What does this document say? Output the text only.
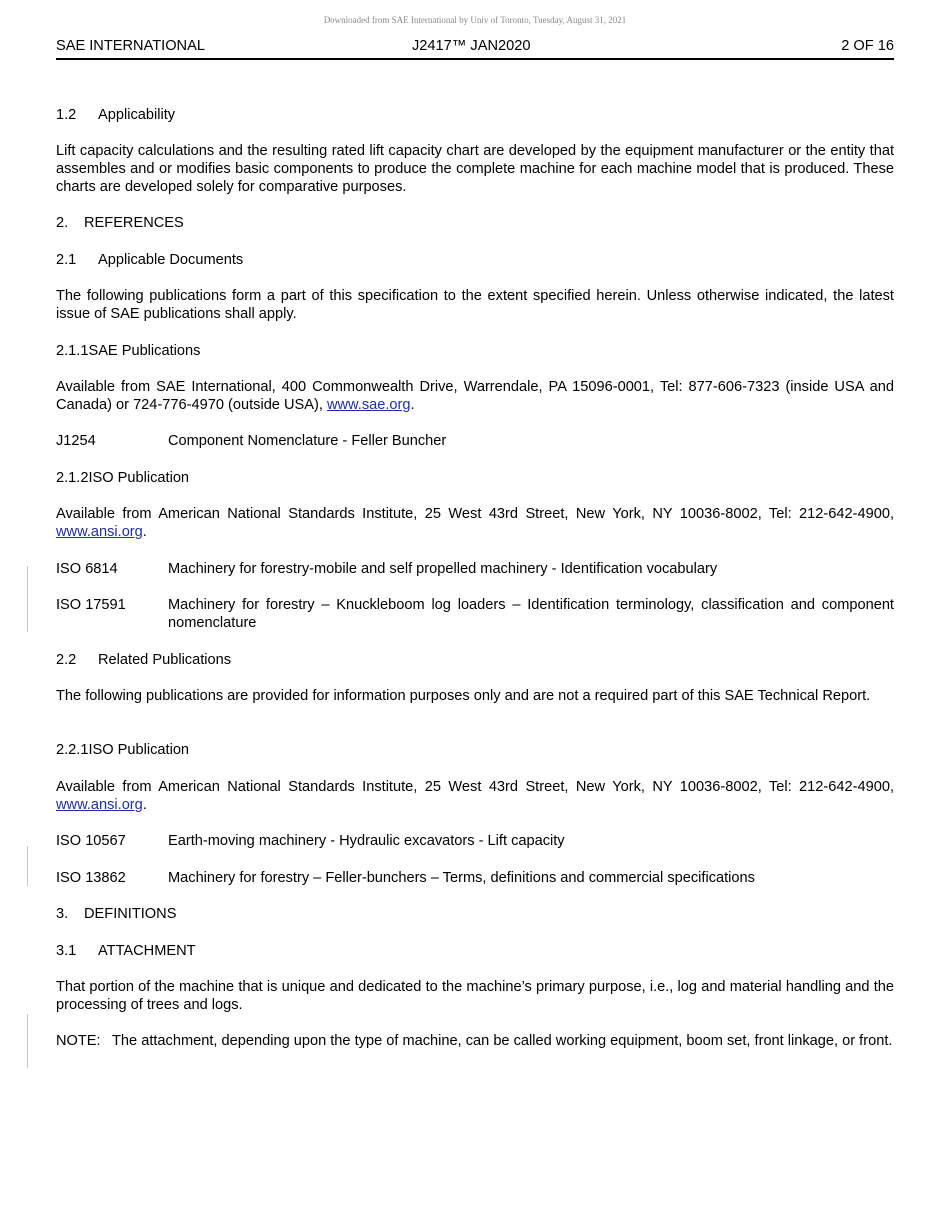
Downloaded from SAE International by Univ of Toronto, Tuesday, August 31, 2021
SAE INTERNATIONAL	J2417™ JAN2020	2 OF 16
1.2 Applicability
Lift capacity calculations and the resulting rated lift capacity chart are developed by the equipment manufacturer or the entity that assembles and or modifies basic components to produce the complete machine for each machine model that is produced. These charts are developed solely for comparative purposes.
2. REFERENCES
2.1 Applicable Documents
The following publications form a part of this specification to the extent specified herein. Unless otherwise indicated, the latest issue of SAE publications shall apply.
2.1.1SAE Publications
Available from SAE International, 400 Commonwealth Drive, Warrendale, PA 15096-0001, Tel: 877-606-7323 (inside USA and Canada) or 724-776-4970 (outside USA), www.sae.org.
J1254	Component Nomenclature - Feller Buncher
2.1.2ISO Publication
Available from American National Standards Institute, 25 West 43rd Street, New York, NY 10036-8002, Tel: 212-642-4900, www.ansi.org.
ISO 6814	Machinery for forestry-mobile and self propelled machinery - Identification vocabulary
ISO 17591	Machinery for forestry – Knuckleboom log loaders – Identification terminology, classification and component nomenclature
2.2 Related Publications
The following publications are provided for information purposes only and are not a required part of this SAE Technical Report.
2.2.1ISO Publication
Available from American National Standards Institute, 25 West 43rd Street, New York, NY 10036-8002, Tel: 212-642-4900, www.ansi.org.
ISO 10567	Earth-moving machinery - Hydraulic excavators - Lift capacity
ISO 13862	Machinery for forestry – Feller-bunchers – Terms, definitions and commercial specifications
3. DEFINITIONS
3.1 ATTACHMENT
That portion of the machine that is unique and dedicated to the machine’s primary purpose, i.e., log and material handling and the processing of trees and logs.
NOTE: The attachment, depending upon the type of machine, can be called working equipment, boom set, front linkage, or front.
